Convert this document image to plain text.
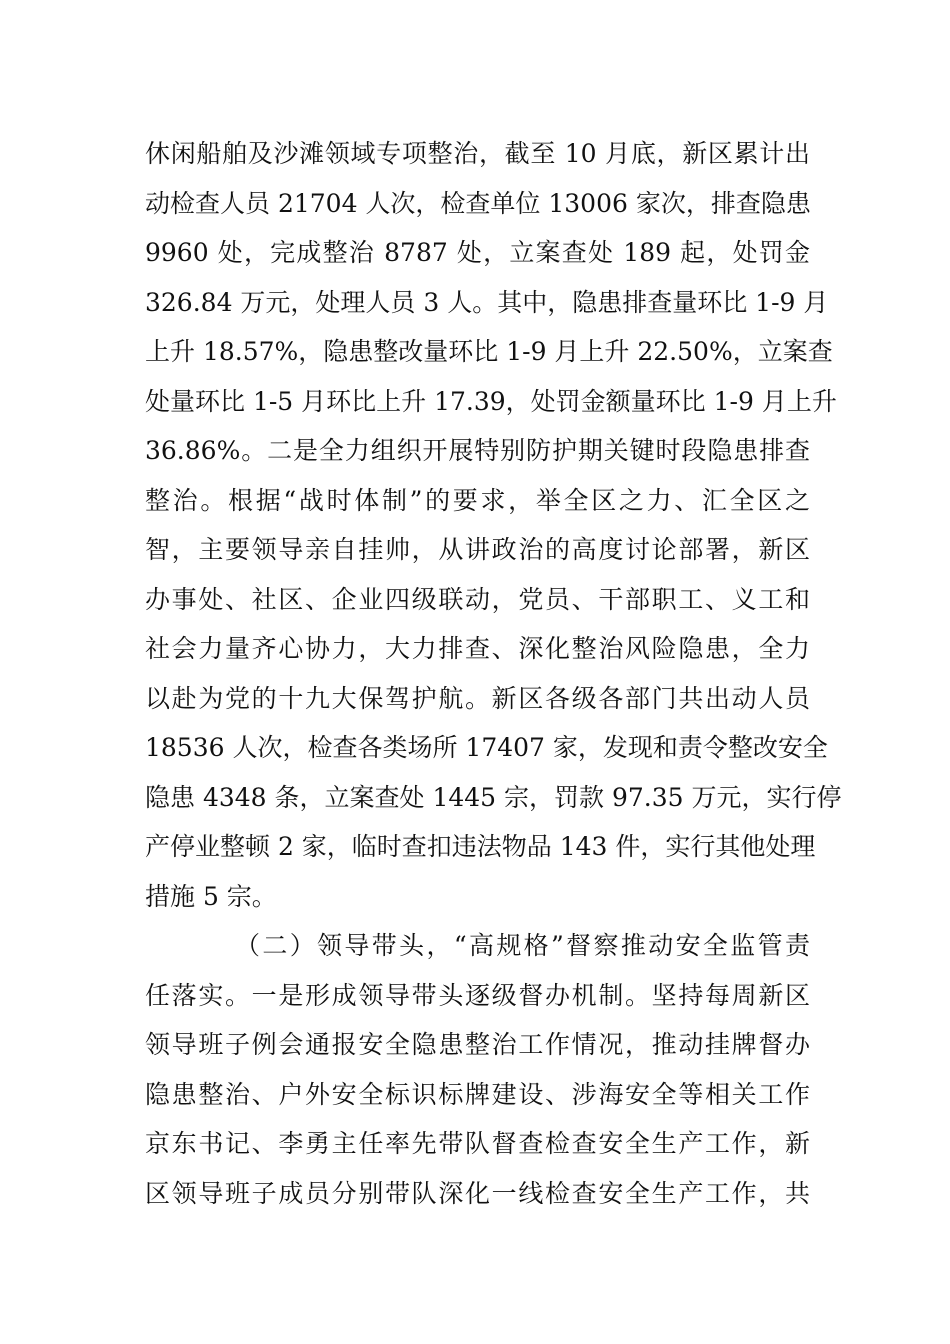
休闲船舶及沙滩领域专项整治，截至 10 月底，新区累计出
动检查人员 21704 人次，检查单位 13006 家次，排查隐患
9960 处，完成整治 8787 处，立案查处 189 起，处罚金
326.84 万元，处理人员 3 人。其中，隐患排查量环比 1-9 月
上升 18.57%，隐患整改量环比 1-9 月上升 22.50%，立案查
处量环比 1-5 月环比上升 17.39，处罚金额量环比 1-9 月上升
36.86%。二是全力组织开展特别防护期关键时段隐患排查
整治。根据“战时体制”的要求，举全区之力、汇全区之
智，主要领导亲自挂帅，从讲政治的高度讨论部署，新区
办事处、社区、企业四级联动，党员、干部职工、义工和
社会力量齐心协力，大力排查、深化整治风险隐患，全力
以赴为党的十九大保驾护航。新区各级各部门共出动人员
18536 人次，检查各类场所 17407 家，发现和责令整改安全
隐患 4348 条，立案查处 1445 宗，罚款 97.35 万元，实行停
产停业整顿 2 家，临时查扣违法物品 143 件，实行其他处理
措施 5 宗。
（二）领导带头，“高规格”督察推动安全监管责
任落实。一是形成领导带头逐级督办机制。坚持每周新区
领导班子例会通报安全隐患整治工作情况，推动挂牌督办
隐患整治、户外安全标识标牌建设、涉海安全等相关工作
京东书记、李勇主任率先带队督查检查安全生产工作，新
区领导班子成员分别带队深化一线检查安全生产工作，共
